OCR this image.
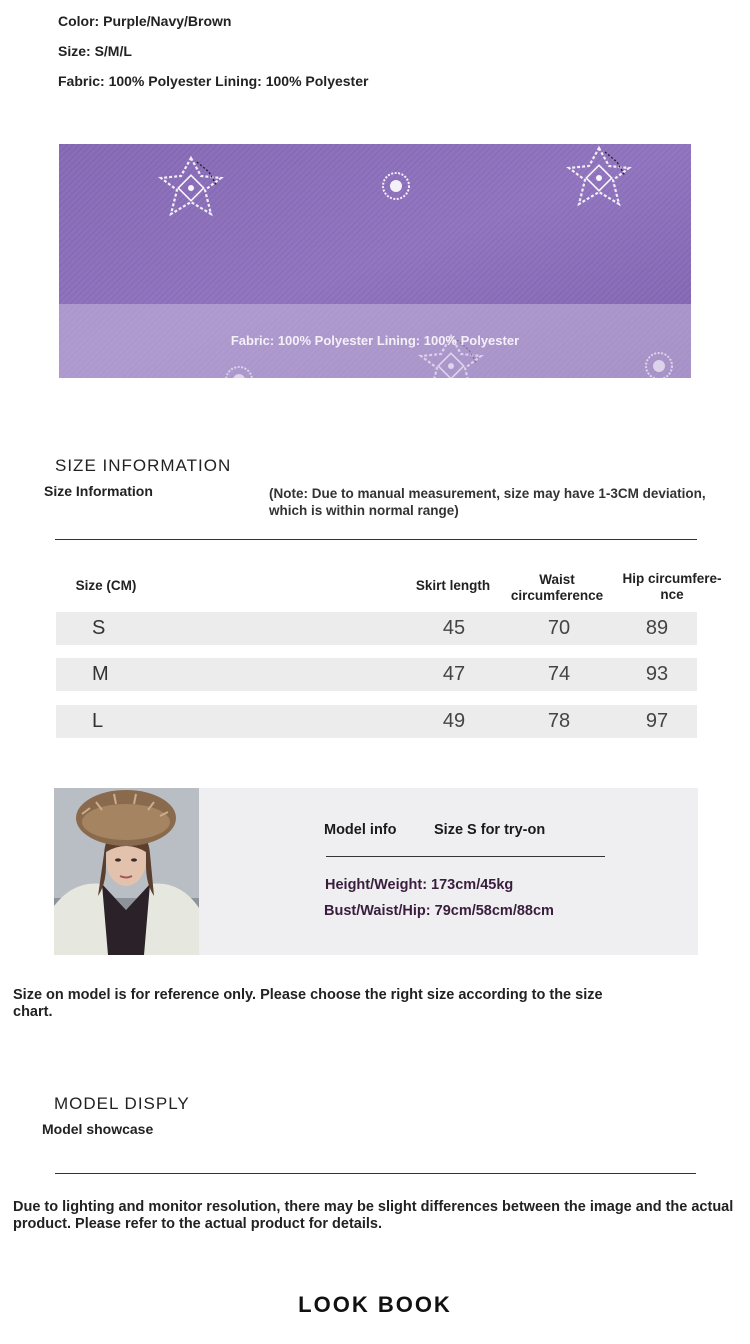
Color: Purple/Navy/Brown
Size: S/M/L
Fabric: 100% Polyester Lining: 100% Polyester
Fabric: 100% Polyester Lining: 100% Polyester
SIZE INFORMATION
Size Information	(Note: Due to manual measurement, size may have 1-3CM deviation,
which is within normal range)
Size (CM)	Skirt length	Waist
circumference
Hip circumfere-
nce
S	45	70	89
M	47	74	93
L	49	78	97
Model info	Size S for try-on
Height/Weight: 173cm/45kg
Bust/Waist/Hip: 79cm/58cm/88cm
Size on model is for reference only. Please choose the right size according to the size
chart.
MODEL DISPLY
Model showcase
Due to lighting and monitor resolution, there may be slight differences between the image and the actual
product. Please refer to the actual product for details.
LOOK BOOK
